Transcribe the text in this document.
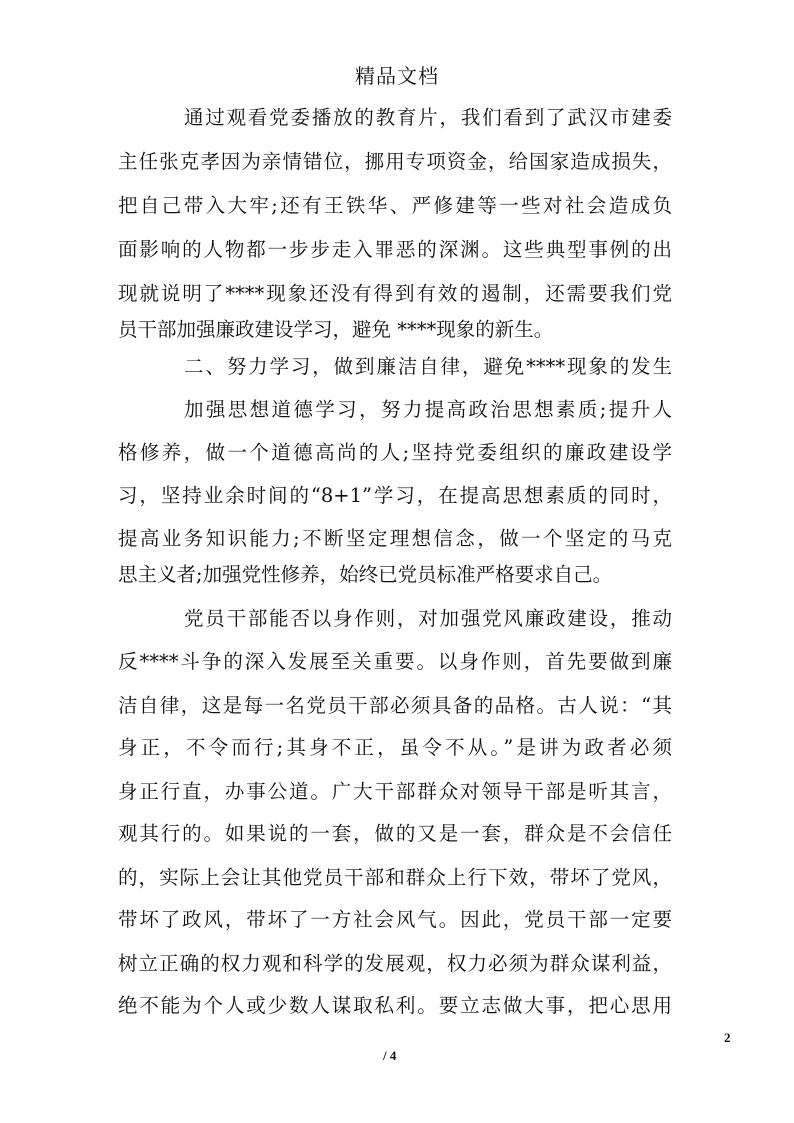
精品文档
通过观看党委播放的教育片，我们看到了武汉市建委
主任张克孝因为亲情错位，挪用专项资金，给国家造成损失，
把自己带入大牢;还有王铁华、严修建等一些对社会造成负
面影响的人物都一步步走入罪恶的深渊。这些典型事例的出
现就说明了****现象还没有得到有效的遏制，还需要我们党
员干部加强廉政建设学习，避免 ****现象的新生。
二、努力学习，做到廉洁自律，避免****现象的发生
加强思想道德学习，努力提高政治思想素质;提升人
格修养，做一个道德高尚的人;坚持党委组织的廉政建设学
习，坚持业余时间的“8+1”学习，在提高思想素质的同时，
提高业务知识能力;不断坚定理想信念，做一个坚定的马克
思主义者;加强党性修养，始终已党员标准严格要求自己。
党员干部能否以身作则，对加强党风廉政建设，推动
反****斗争的深入发展至关重要。以身作则，首先要做到廉
洁自律，这是每一名党员干部必须具备的品格。古人说：“其
身正，不令而行;其身不正，虽令不从。”是讲为政者必须
身正行直，办事公道。广大干部群众对领导干部是听其言，
观其行的。如果说的一套，做的又是一套，群众是不会信任
的，实际上会让其他党员干部和群众上行下效，带坏了党风，
带坏了政风，带坏了一方社会风气。因此，党员干部一定要
树立正确的权力观和科学的发展观，权力必须为群众谋利益，
绝不能为个人或少数人谋取私利。要立志做大事，把心思用
2
/ 4
